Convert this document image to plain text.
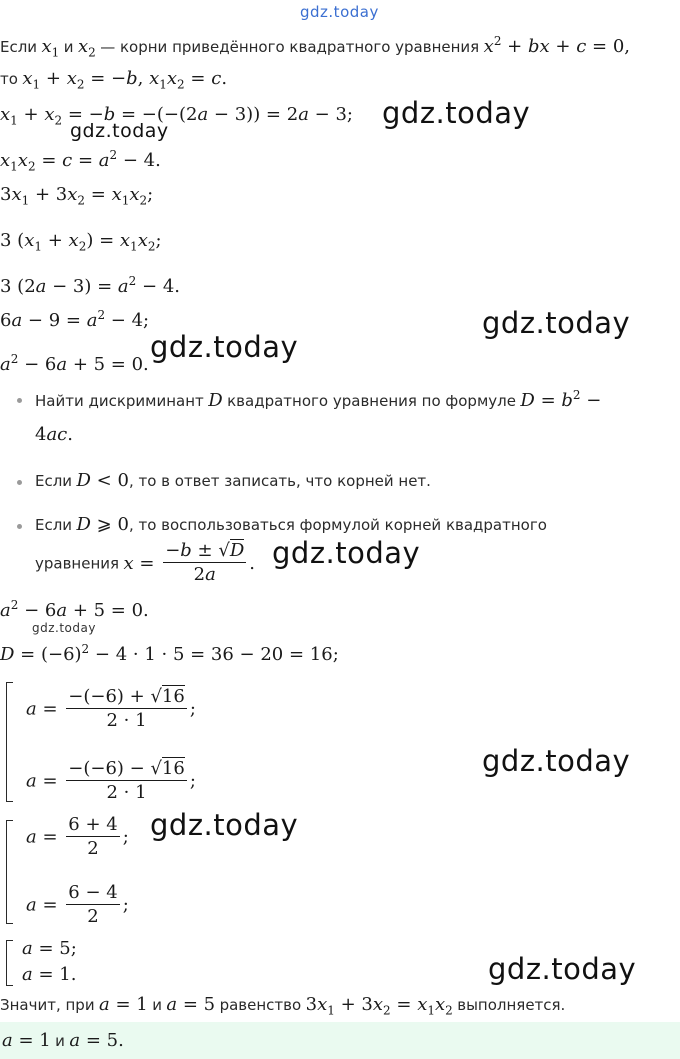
gdz.today
Если $x_1$ и $x_2$ — корни приведённого квадратного уравнения $x^2$ + bx + c = 0,
то $x_1 + x_2 = -b$, $x_1x_2 = c$.
$x_1 + x_2 = -b = -(-(2a - 3)) = 2a - 3$; gdz.today
gdz.today
$x_1x_2 = c = a^2 - 4$.
$3x_1 + 3x_2 = x_1x_2$;
3 $(x_1 + x_2) = x_1x_2$;
3 $(2a - 3) = a^2 - 4$.
$6a - 9 = a^2 - 4$;	gdz.today
$a^2 - 6a + 5 = 0$.
gdz.today
Найти дискриминант D квадратного уравнения по формуле $D = b^2$ −
4ac.
Если D < 0, то в ответ записать, что корней нет.
Если D ⩾ 0, то воспользоваться формулой корней квадратного
уравнения $x = \frac{-b \pm √D}{2a}$ . gdz.today
$a^2 - 6a + 5 = 0$.
gdz.today
$D = (-6)^2 - 4 \cdot 1 \cdot 5 = 36 - 20 = 16$;
$a = \frac{-(-6) + √16}{2 \cdot 1}$ ;
$a = \frac{-(-6) - √16}{2 \cdot 1}$ ;
gdz.today
$a = \frac{6 + 4}{2}$ ;
$a = \frac{6 - 4}{2}$ ;
gdz.today
a = 5;
a = 1.	gdz.today
Значит, при a = 1 и a = 5 равенство $3x_1 + 3x_2 = x_1x_2$ выполняется.
a = 1 и a = 5.
